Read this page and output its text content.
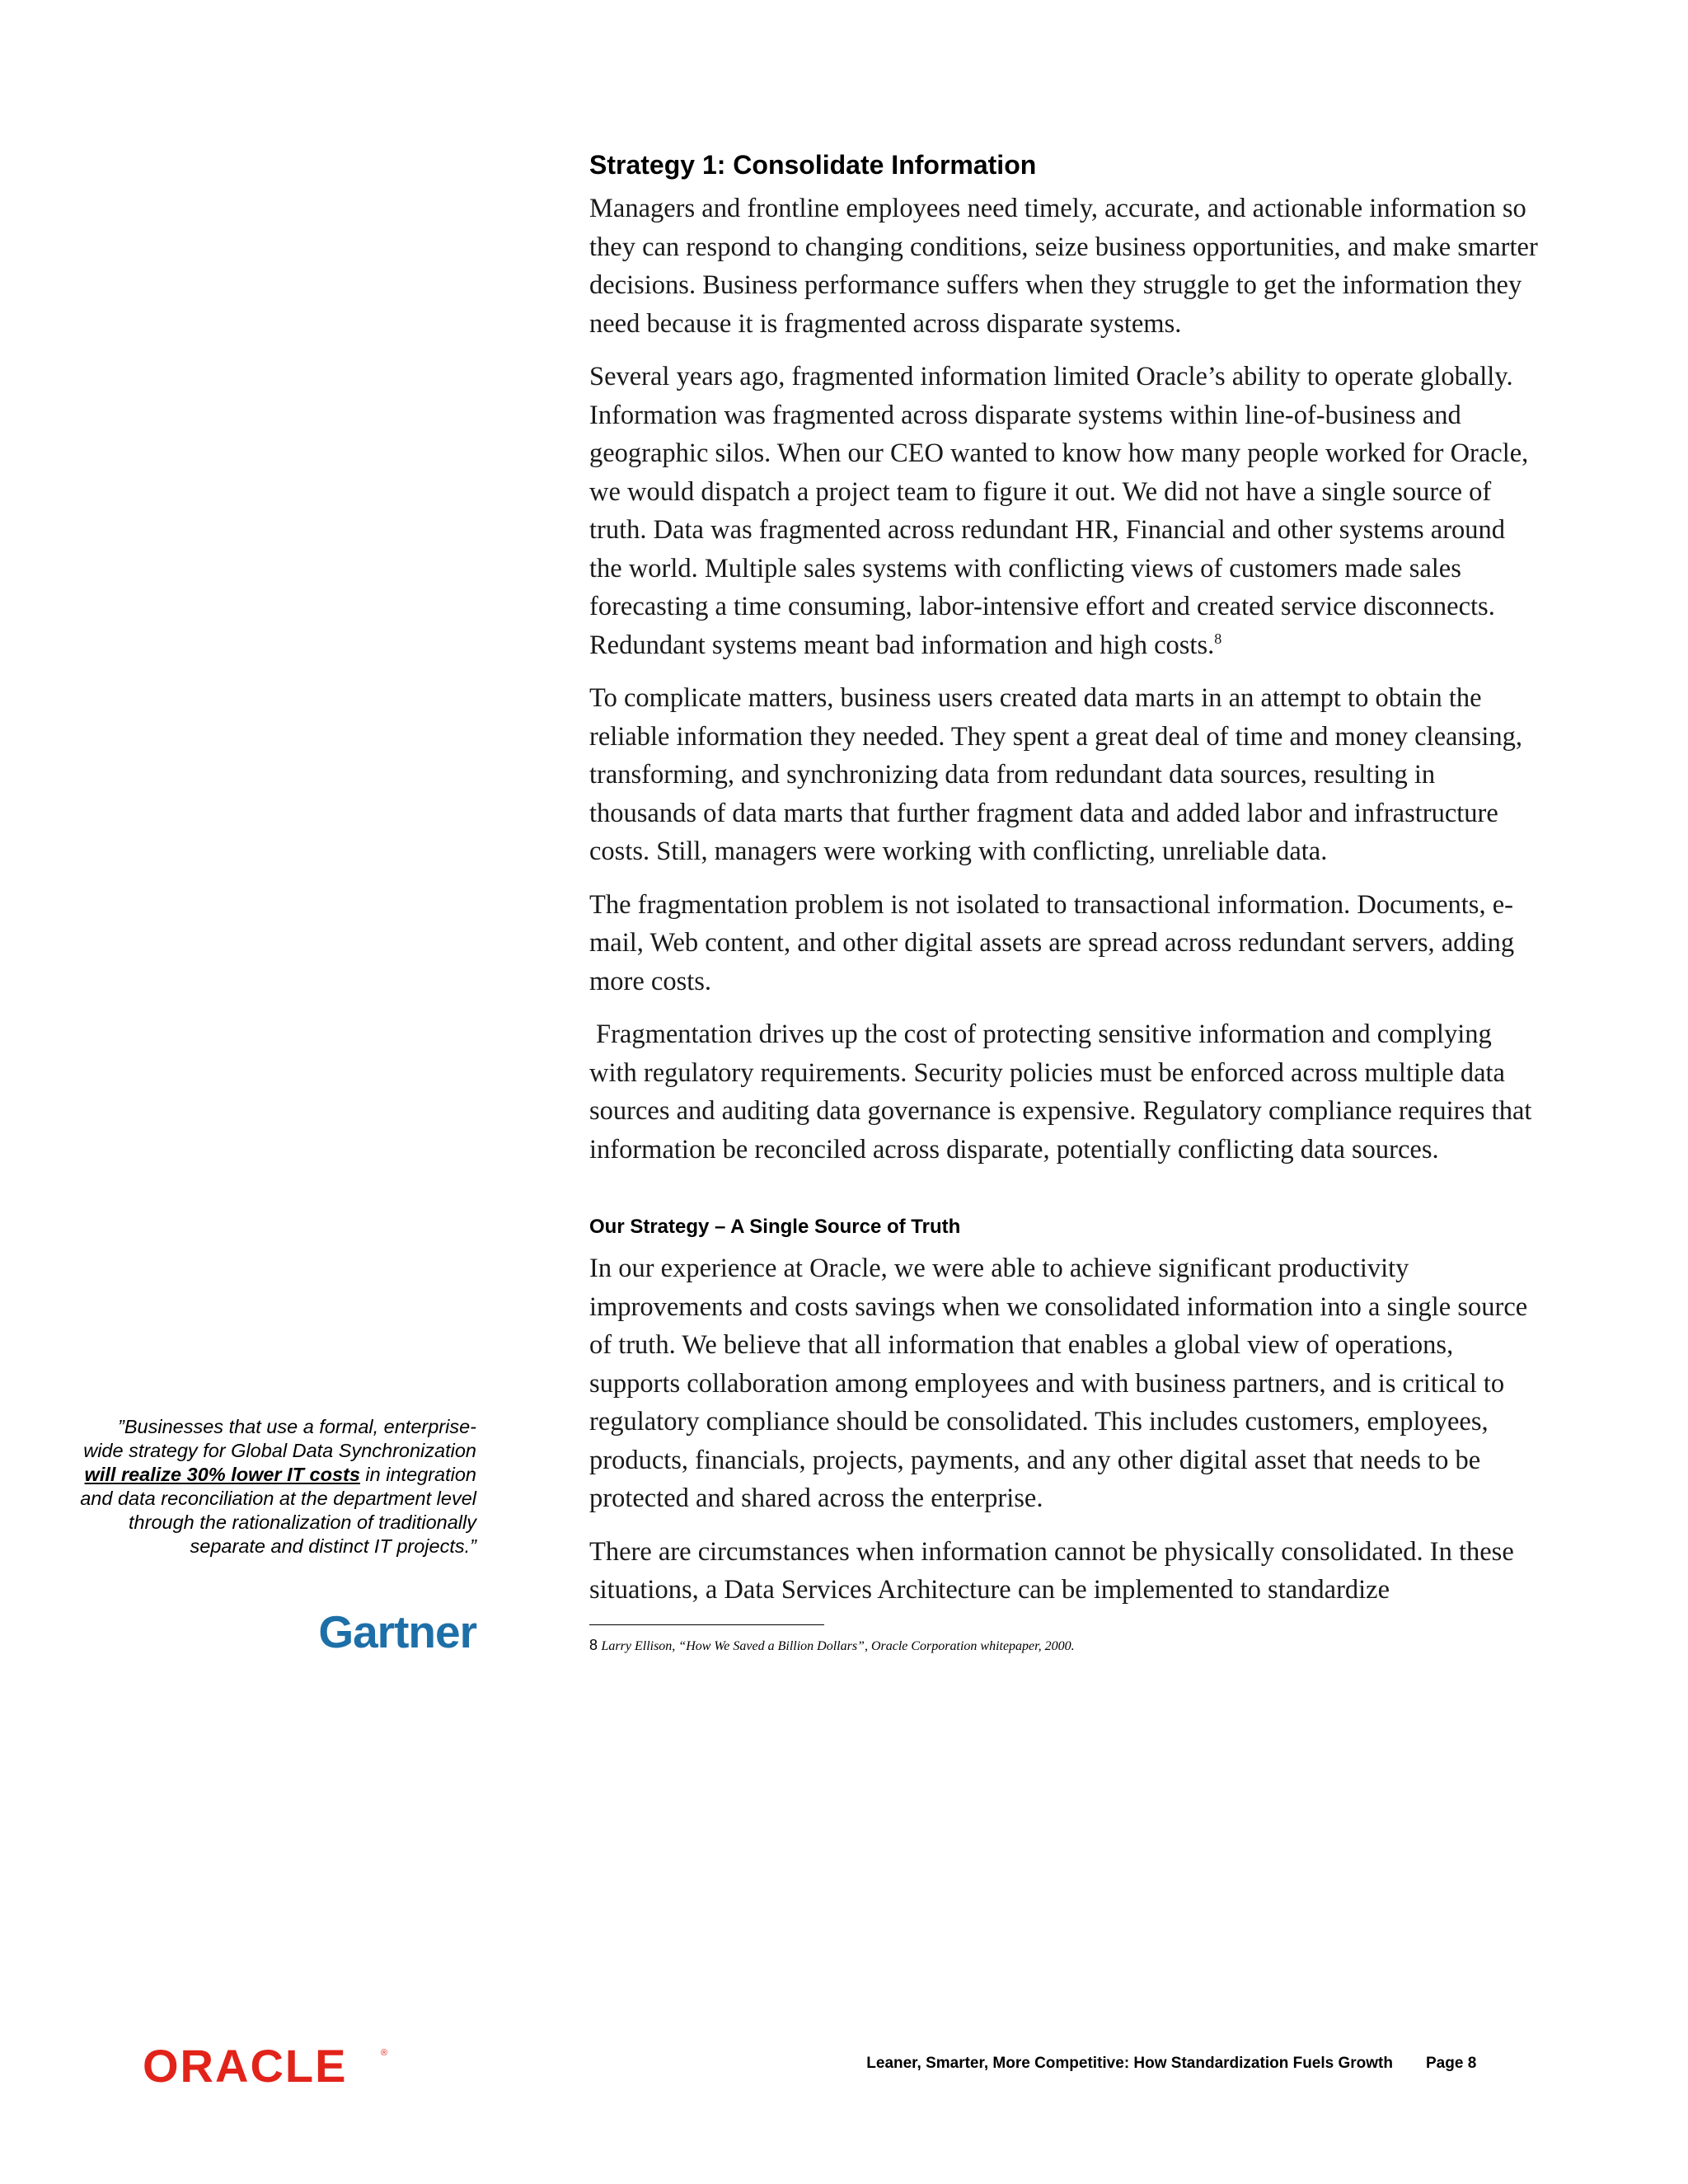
Strategy 1: Consolidate Information

Managers and frontline employees need timely, accurate, and actionable information so they can respond to changing conditions, seize business opportunities, and make smarter decisions. Business performance suffers when they struggle to get the information they need because it is fragmented across disparate systems.

Several years ago, fragmented information limited Oracle’s ability to operate globally. Information was fragmented across disparate systems within line-of-business and geographic silos. When our CEO wanted to know how many people worked for Oracle, we would dispatch a project team to figure it out. We did not have a single source of truth. Data was fragmented across redundant HR, Financial and other systems around the world. Multiple sales systems with conflicting views of customers made sales forecasting a time consuming, labor-intensive effort and created service disconnects. Redundant systems meant bad information and high costs.$^8$

To complicate matters, business users created data marts in an attempt to obtain the reliable information they needed. They spent a great deal of time and money cleansing, transforming, and synchronizing data from redundant data sources, resulting in thousands of data marts that further fragment data and added labor and infrastructure costs. Still, managers were working with conflicting, unreliable data.

The fragmentation problem is not isolated to transactional information. Documents, e-mail, Web content, and other digital assets are spread across redundant servers, adding more costs.

Fragmentation drives up the cost of protecting sensitive information and complying with regulatory requirements. Security policies must be enforced across multiple data sources and auditing data governance is expensive. Regulatory compliance requires that information be reconciled across disparate, potentially conflicting data sources.

Our Strategy – A Single Source of Truth

In our experience at Oracle, we were able to achieve significant productivity improvements and costs savings when we consolidated information into a single source of truth. We believe that all information that enables a global view of operations, supports collaboration among employees and with business partners, and is critical to regulatory compliance should be consolidated. This includes customers, employees, products, financials, projects, payments, and any other digital asset that needs to be protected and shared across the enterprise.

There are circumstances when information cannot be physically consolidated. In these situations, a Data Services Architecture can be implemented to standardize

8 Larry Ellison, “How We Saved a Billion Dollars”, Oracle Corporation whitepaper, 2000.
”Businesses that use a formal, enterprise-wide strategy for Global Data Synchronization will realize 30% lower IT costs in integration and data reconciliation at the department level through the rationalization of traditionally separate and distinct IT projects.”
Gartner
ORACLE	®
Leaner, Smarter, More Competitive: How Standardization Fuels Growth Page 8
